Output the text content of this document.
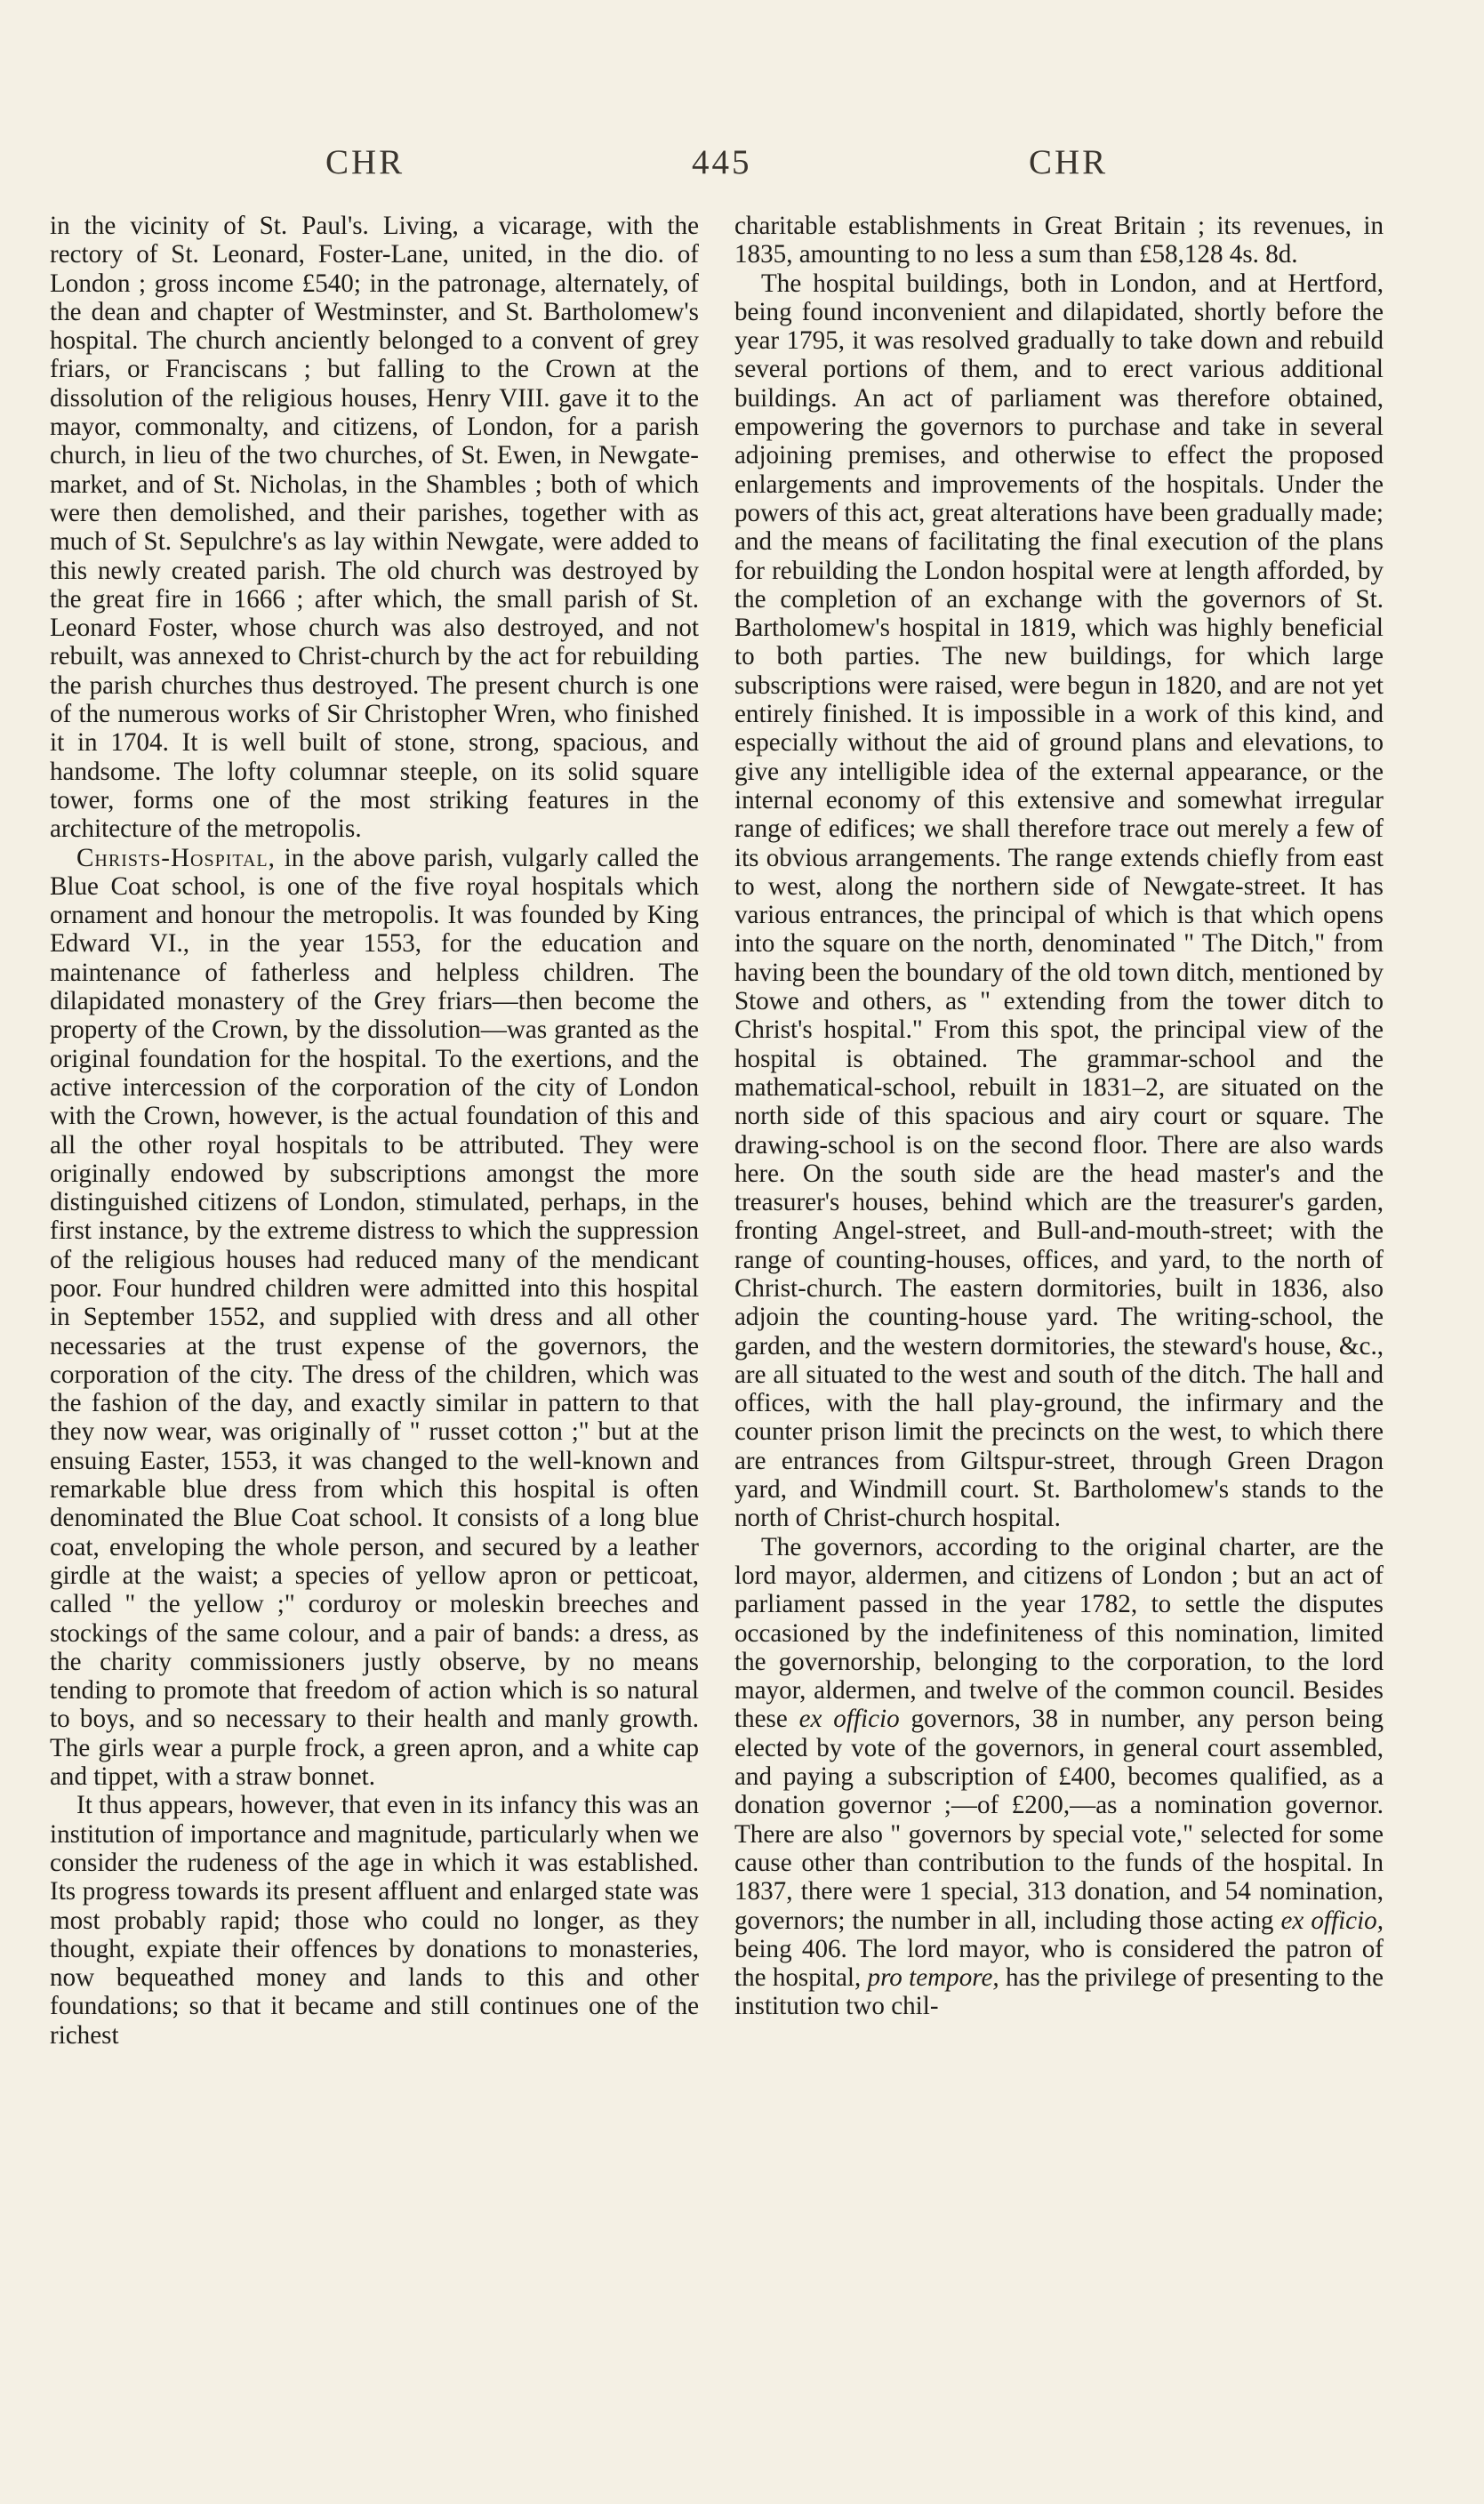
CHR	445	CHR

in the vicinity of St. Paul's. Living, a vicarage, with the rectory of St. Leonard, Foster-Lane, united, in the dio. of London ; gross income £540; in the patronage, alternately, of the dean and chapter of Westminster, and St. Bartholomew's hospital. The church anciently belonged to a convent of grey friars, or Franciscans ; but falling to the Crown at the dissolution of the religious houses, Henry VIII. gave it to the mayor, commonalty, and citizens, of London, for a parish church, in lieu of the two churches, of St. Ewen, in Newgate-market, and of St. Nicholas, in the Shambles ; both of which were then demolished, and their parishes, together with as much of St. Sepulchre's as lay within Newgate, were added to this newly created parish. The old church was destroyed by the great fire in 1666 ; after which, the small parish of St. Leonard Foster, whose church was also destroyed, and not rebuilt, was annexed to Christ-church by the act for rebuilding the parish churches thus destroyed. The present church is one of the numerous works of Sir Christopher Wren, who finished it in 1704. It is well built of stone, strong, spacious, and handsome. The lofty columnar steeple, on its solid square tower, forms one of the most striking features in the architecture of the metropolis.

Christs-Hospital, in the above parish, vulgarly called the Blue Coat school, is one of the five royal hospitals which ornament and honour the metropolis. It was founded by King Edward VI., in the year 1553, for the education and maintenance of fatherless and helpless children. The dilapidated monastery of the Grey friars—then become the property of the Crown, by the dissolution—was granted as the original foundation for the hospital. To the exertions, and the active intercession of the corporation of the city of London with the Crown, however, is the actual foundation of this and all the other royal hospitals to be attributed. They were originally endowed by subscriptions amongst the more distinguished citizens of London, stimulated, perhaps, in the first instance, by the extreme distress to which the suppression of the religious houses had reduced many of the mendicant poor. Four hundred children were admitted into this hospital in September 1552, and supplied with dress and all other necessaries at the trust expense of the governors, the corporation of the city. The dress of the children, which was the fashion of the day, and exactly similar in pattern to that they now wear, was originally of " russet cotton ;" but at the ensuing Easter, 1553, it was changed to the well-known and remarkable blue dress from which this hospital is often denominated the Blue Coat school. It consists of a long blue coat, enveloping the whole person, and secured by a leather girdle at the waist; a species of yellow apron or petticoat, called " the yellow ;" corduroy or moleskin breeches and stockings of the same colour, and a pair of bands: a dress, as the charity commissioners justly observe, by no means tending to promote that freedom of action which is so natural to boys, and so necessary to their health and manly growth. The girls wear a purple frock, a green apron, and a white cap and tippet, with a straw bonnet.

It thus appears, however, that even in its infancy this was an institution of importance and magnitude, particularly when we consider the rudeness of the age in which it was established. Its progress towards its present affluent and enlarged state was most probably rapid; those who could no longer, as they thought, expiate their offences by donations to monasteries, now bequeathed money and lands to this and other foundations; so that it became and still continues one of the richest

charitable establishments in Great Britain ; its revenues, in 1835, amounting to no less a sum than £58,128 4s. 8d.

The hospital buildings, both in London, and at Hertford, being found inconvenient and dilapidated, shortly before the year 1795, it was resolved gradually to take down and rebuild several portions of them, and to erect various additional buildings. An act of parliament was therefore obtained, empowering the governors to purchase and take in several adjoining premises, and otherwise to effect the proposed enlargements and improvements of the hospitals. Under the powers of this act, great alterations have been gradually made; and the means of facilitating the final execution of the plans for rebuilding the London hospital were at length afforded, by the completion of an exchange with the governors of St. Bartholomew's hospital in 1819, which was highly beneficial to both parties. The new buildings, for which large subscriptions were raised, were begun in 1820, and are not yet entirely finished. It is impossible in a work of this kind, and especially without the aid of ground plans and elevations, to give any intelligible idea of the external appearance, or the internal economy of this extensive and somewhat irregular range of edifices; we shall therefore trace out merely a few of its obvious arrangements. The range extends chiefly from east to west, along the northern side of Newgate-street. It has various entrances, the principal of which is that which opens into the square on the north, denominated " The Ditch," from having been the boundary of the old town ditch, mentioned by Stowe and others, as " extending from the tower ditch to Christ's hospital." From this spot, the principal view of the hospital is obtained. The grammar-school and the mathematical-school, rebuilt in 1831–2, are situated on the north side of this spacious and airy court or square. The drawing-school is on the second floor. There are also wards here. On the south side are the head master's and the treasurer's houses, behind which are the treasurer's garden, fronting Angel-street, and Bull-and-mouth-street; with the range of counting-houses, offices, and yard, to the north of Christ-church. The eastern dormitories, built in 1836, also adjoin the counting-house yard. The writing-school, the garden, and the western dormitories, the steward's house, &c., are all situated to the west and south of the ditch. The hall and offices, with the hall play-ground, the infirmary and the counter prison limit the precincts on the west, to which there are entrances from Giltspur-street, through Green Dragon yard, and Windmill court. St. Bartholomew's stands to the north of Christ-church hospital.

The governors, according to the original charter, are the lord mayor, aldermen, and citizens of London ; but an act of parliament passed in the year 1782, to settle the disputes occasioned by the indefiniteness of this nomination, limited the governorship, belonging to the corporation, to the lord mayor, aldermen, and twelve of the common council. Besides these ex officio governors, 38 in number, any person being elected by vote of the governors, in general court assembled, and paying a subscription of £400, becomes qualified, as a donation governor ;—of £200,—as a nomination governor. There are also " governors by special vote," selected for some cause other than contribution to the funds of the hospital. In 1837, there were 1 special, 313 donation, and 54 nomination, governors; the number in all, including those acting ex officio, being 406. The lord mayor, who is considered the patron of the hospital, pro tempore, has the privilege of presenting to the institution two chil-
